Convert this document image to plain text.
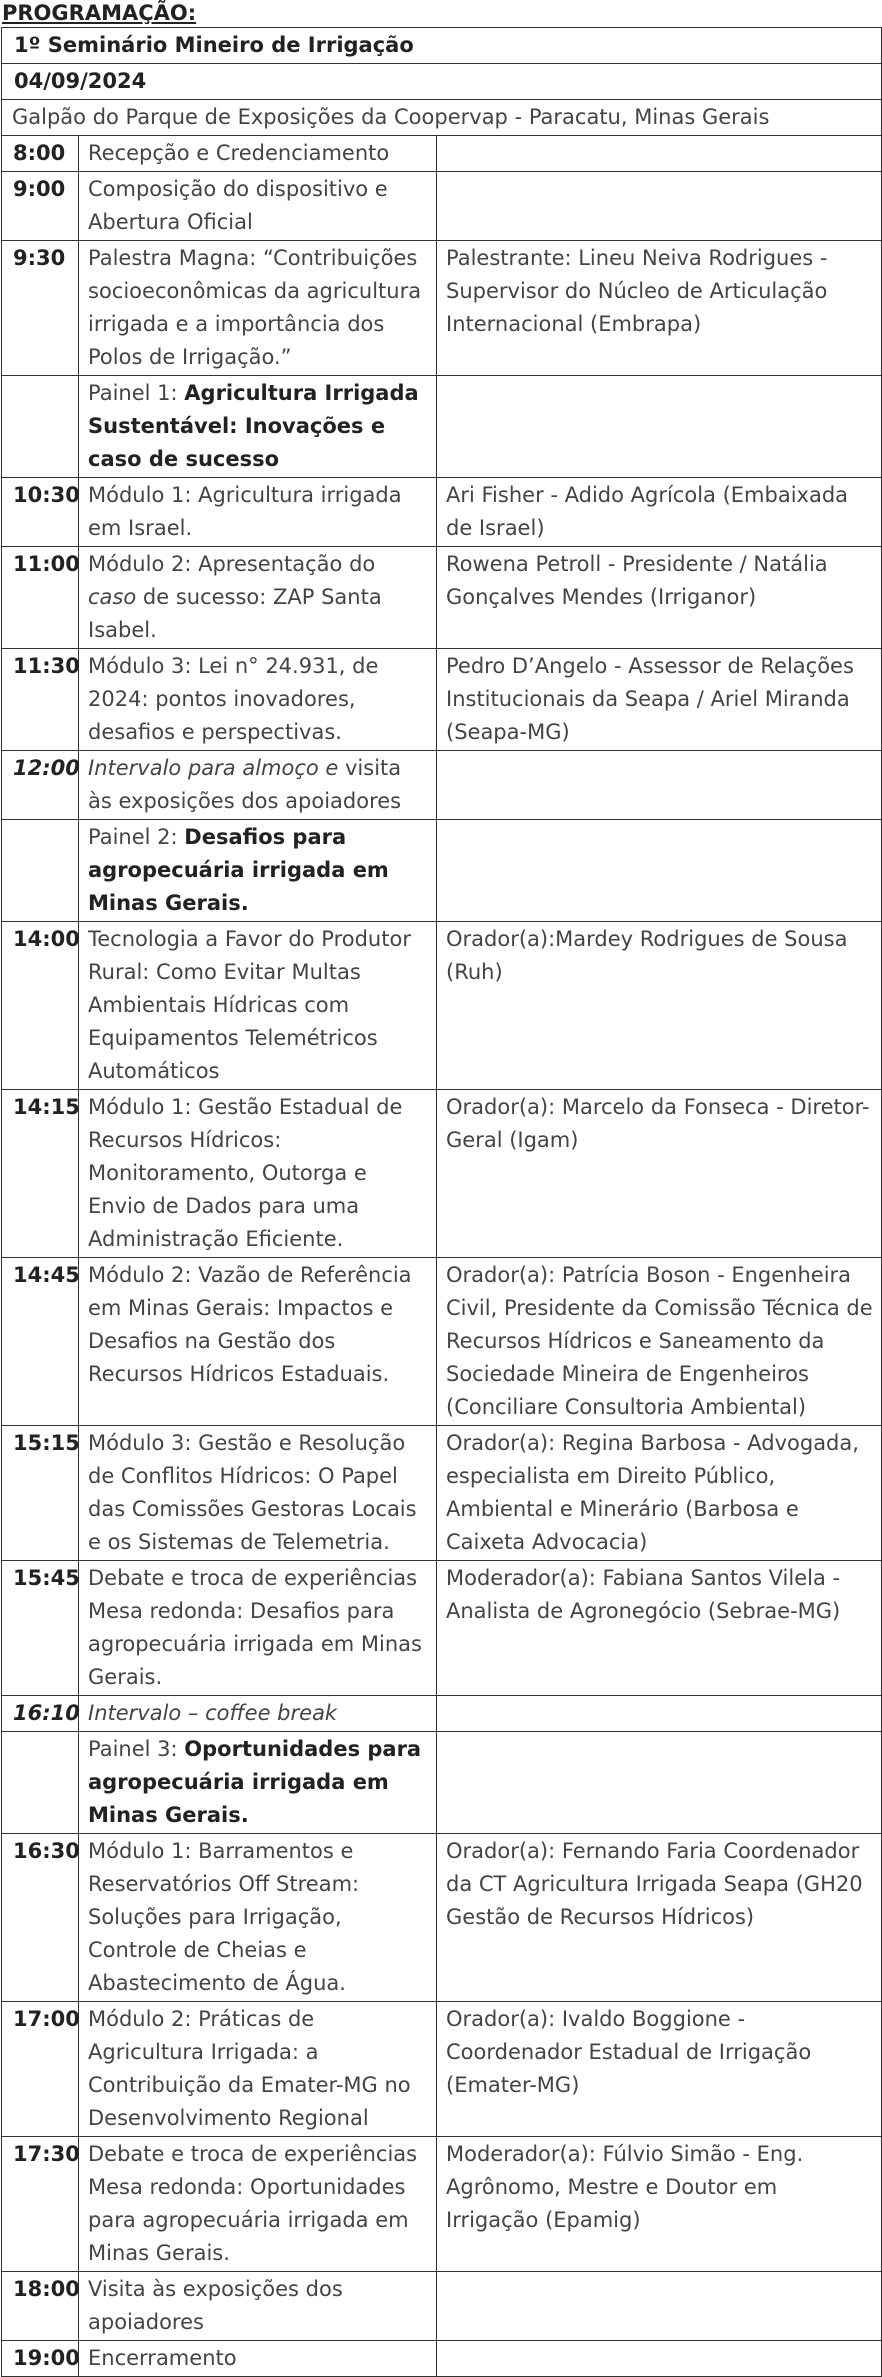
PROGRAMAÇÃO:
1º Seminário Mineiro de Irrigação		
04/09/2024		
Galpão do Parque de Exposições da Coopervap - Paracatu, Minas Gerais		
8:00	Recepção e Credenciamento	
9:00	Composição do dispositivo e Abertura Oficial	
9:30	Palestra Magna: “Contribuições socioeconômicas da agricultura irrigada e a importância dos Polos de Irrigação.”	Palestrante: Lineu Neiva Rodrigues - Supervisor do Núcleo de Articulação Internacional (Embrapa)
	Painel 1: Agricultura Irrigada Sustentável: Inovações e caso de sucesso	
10:30	Módulo 1: Agricultura irrigada em Israel.	Ari Fisher - Adido Agrícola (Embaixada de Israel)
11:00	Módulo 2: Apresentação do caso de sucesso: ZAP Santa Isabel.	Rowena Petroll - Presidente / Natália Gonçalves Mendes (Irriganor)
11:30	Módulo 3: Lei n° 24.931, de 2024: pontos inovadores, desafios e perspectivas.	Pedro D’Angelo - Assessor de Relações Institucionais da Seapa / Ariel Miranda (Seapa-MG)
12:00	Intervalo para almoço e visita às exposições dos apoiadores	
	Painel 2: Desafios para agropecuária irrigada em Minas Gerais.	
14:00	Tecnologia a Favor do Produtor Rural: Como Evitar Multas Ambientais Hídricas com Equipamentos Telemétricos Automáticos	Orador(a):Mardey Rodrigues de Sousa (Ruh)
14:15	Módulo 1: Gestão Estadual de Recursos Hídricos: Monitoramento, Outorga e Envio de Dados para uma Administração Eficiente.	Orador(a): Marcelo da Fonseca - Diretor-Geral (Igam)
14:45	Módulo 2: Vazão de Referência em Minas Gerais: Impactos e Desafios na Gestão dos Recursos Hídricos Estaduais.	Orador(a): Patrícia Boson - Engenheira Civil, Presidente da Comissão Técnica de Recursos Hídricos e Saneamento da Sociedade Mineira de Engenheiros (Conciliare Consultoria Ambiental)
15:15	Módulo 3: Gestão e Resolução de Conflitos Hídricos: O Papel das Comissões Gestoras Locais e os Sistemas de Telemetria.	Orador(a): Regina Barbosa - Advogada, especialista em Direito Público, Ambiental e Minerário (Barbosa e Caixeta Advocacia)
15:45	Debate e troca de experiências Mesa redonda: Desafios para agropecuária irrigada em Minas Gerais.	Moderador(a): Fabiana Santos Vilela - Analista de Agronegócio (Sebrae-MG)
16:10	Intervalo – coffee break	
	Painel 3: Oportunidades para agropecuária irrigada em Minas Gerais.	
16:30	Módulo 1: Barramentos e Reservatórios Off Stream: Soluções para Irrigação, Controle de Cheias e Abastecimento de Água.	Orador(a): Fernando Faria Coordenador da CT Agricultura Irrigada Seapa (GH20 Gestão de Recursos Hídricos)
17:00	Módulo 2: Práticas de Agricultura Irrigada: a Contribuição da Emater-MG no Desenvolvimento Regional	Orador(a): Ivaldo Boggione - Coordenador Estadual de Irrigação (Emater-MG)
17:30	Debate e troca de experiências Mesa redonda: Oportunidades para agropecuária irrigada em Minas Gerais.	Moderador(a): Fúlvio Simão - Eng. Agrônomo, Mestre e Doutor em Irrigação (Epamig)
18:00	Visita às exposições dos apoiadores	
19:00	Encerramento	
